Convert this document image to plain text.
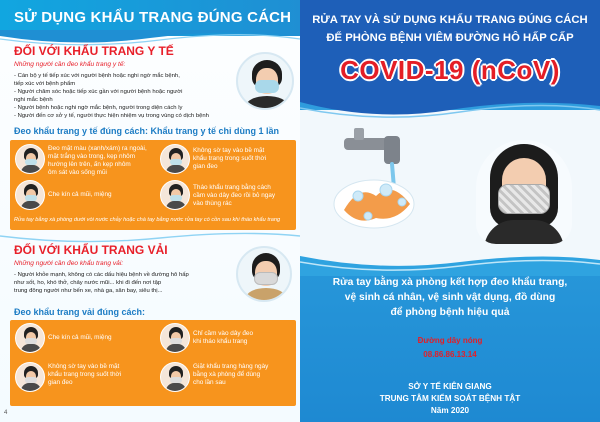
SỬ DỤNG KHẨU TRANG ĐÚNG CÁCH
ĐỐI VỚI KHẨU TRANG Y TẾ
Những người cần đeo khẩu trang y tế:
- Cán bộ y tế tiếp xúc với người bệnh hoặc nghi ngờ mắc bệnh,
tiếp xúc với bệnh phẩm
- Người chăm sóc hoặc tiếp xúc gần với người bệnh hoặc người
nghi mắc bệnh
- Người bệnh hoặc nghi ngờ mắc bệnh, người trong diện cách ly
- Người đến cơ sở y tế, người thực hiện nhiệm vụ trong vùng có dịch bệnh
Đeo khẩu trang y tế đúng cách: Khẩu trang y tế chỉ dùng 1 lần
Đeo mặt màu (xanh/xám) ra ngoài,
mặt trắng vào trong, kẹp nhôm
hướng lên trên, ấn kẹp nhôm
ôm sát vào sống mũi
Không sờ tay vào bề mặt
khẩu trang trong suốt thời
gian đeo
Che kín cả mũi, miệng
Tháo khẩu trang bằng cách
cầm vào dây đeo rồi bỏ ngay
vào thùng rác
Rửa tay bằng xà phòng dưới vòi nước chảy hoặc chà tay bằng nước rửa tay có cồn sau khi tháo khẩu trang
ĐỐI VỚI KHẨU TRANG VẢI
Những người cần đeo khẩu trang vải:
- Người khỏe mạnh, không có các dấu hiệu bệnh về đường hô hấp
như sốt, ho, khó thở, chảy nước mũi... khi đi đến nơi tập
trung đông người như bến xe, nhà ga, sân bay, siêu thị...
Đeo khẩu trang vải đúng cách:
Che kín cả mũi, miệng
Chỉ cầm vào dây đeo
khi tháo khẩu trang
Không sờ tay vào bề mặt
khẩu trang trong suốt thời
gian đeo
Giặt khẩu trang hàng ngày
bằng xà phòng để dùng
cho lần sau
4
RỬA TAY VÀ SỬ DỤNG KHẨU TRANG ĐÚNG CÁCH
ĐỂ PHÒNG BỆNH VIÊM ĐƯỜNG HÔ HẤP CẤP
COVID-19 (nCoV)
Rửa tay bằng xà phòng kết hợp đeo khẩu trang,
vệ sinh cá nhân, vệ sinh vật dụng, đồ dùng
để phòng bệnh hiệu quả
Đường dây nóng
08.86.86.13.14
SỞ Y TẾ KIÊN GIANG
TRUNG TÂM KIỂM SOÁT BỆNH TẬT
Năm 2020
